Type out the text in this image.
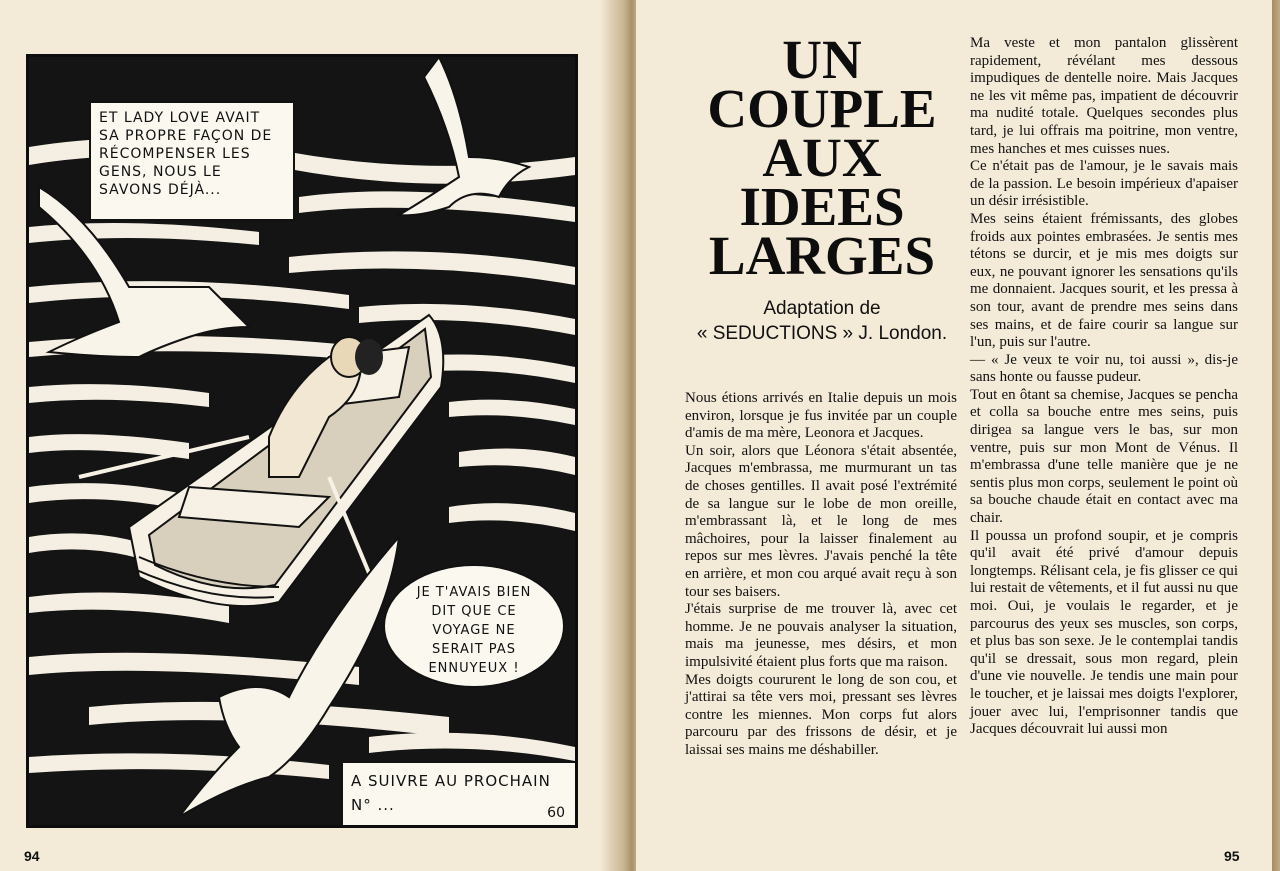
ET LADY LOVE AVAIT SA PROPRE FAÇON DE RÉCOMPENSER LES GENS, NOUS LE SAVONS DÉJÀ...
JE T'AVAIS BIEN DIT QUE CE VOYAGE NE SERAIT PAS ENNUYEUX !
A SUIVRE AU PROCHAIN N° ...	60
94
UN
COUPLE
AUX
IDEES
LARGES
Adaptation de
« SEDUCTIONS » J. London.

Nous étions arrivés en Italie depuis un mois environ, lorsque je fus invitée par un couple d'amis de ma mère, Leonora et Jacques.

Un soir, alors que Léonora s'était absentée, Jacques m'embrassa, me murmurant un tas de choses gentilles. Il avait posé l'extrémité de sa langue sur le lobe de mon oreille, m'embrassant là, et le long de mes mâchoires, pour la laisser finalement au repos sur mes lèvres. J'avais penché la tête en arrière, et mon cou arqué avait reçu à son tour ses baisers.

J'étais surprise de me trouver là, avec cet homme. Je ne pouvais analyser la situation, mais ma jeunesse, mes désirs, et mon impulsivité étaient plus forts que ma raison.

Mes doigts coururent le long de son cou, et j'attirai sa tête vers moi, pressant ses lèvres contre les miennes. Mon corps fut alors parcouru par des frissons de désir, et je laissai ses mains me déshabiller.

Ma veste et mon pantalon glissèrent rapidement, révélant mes dessous impudiques de dentelle noire. Mais Jacques ne les vit même pas, impatient de découvrir ma nudité totale. Quelques secondes plus tard, je lui offrais ma poitrine, mon ventre, mes hanches et mes cuisses nues.

Ce n'était pas de l'amour, je le savais mais de la passion. Le besoin impérieux d'apaiser un désir irrésistible.

Mes seins étaient frémissants, des globes froids aux pointes embrasées. Je sentis mes tétons se durcir, et je mis mes doigts sur eux, ne pouvant ignorer les sensations qu'ils me donnaient. Jacques sourit, et les pressa à son tour, avant de prendre mes seins dans ses mains, et de faire courir sa langue sur l'un, puis sur l'autre.

— « Je veux te voir nu, toi aussi », dis-je sans honte ou fausse pudeur.

Tout en ôtant sa chemise, Jacques se pencha et colla sa bouche entre mes seins, puis dirigea sa langue vers le bas, sur mon ventre, puis sur mon Mont de Vénus. Il m'embrassa d'une telle manière que je ne sentis plus mon corps, seulement le point où sa bouche chaude était en contact avec ma chair.

Il poussa un profond soupir, et je compris qu'il avait été privé d'amour depuis longtemps. Rélisant cela, je fis glisser ce qui lui restait de vêtements, et il fut aussi nu que moi. Oui, je voulais le regarder, et je parcourus des yeux ses muscles, son corps, et plus bas son sexe. Je le contemplai tandis qu'il se dressait, sous mon regard, plein d'une vie nouvelle. Je tendis une main pour le toucher, et je laissai mes doigts l'explorer, jouer avec lui, l'emprisonner tandis que Jacques découvrait lui aussi mon

95
